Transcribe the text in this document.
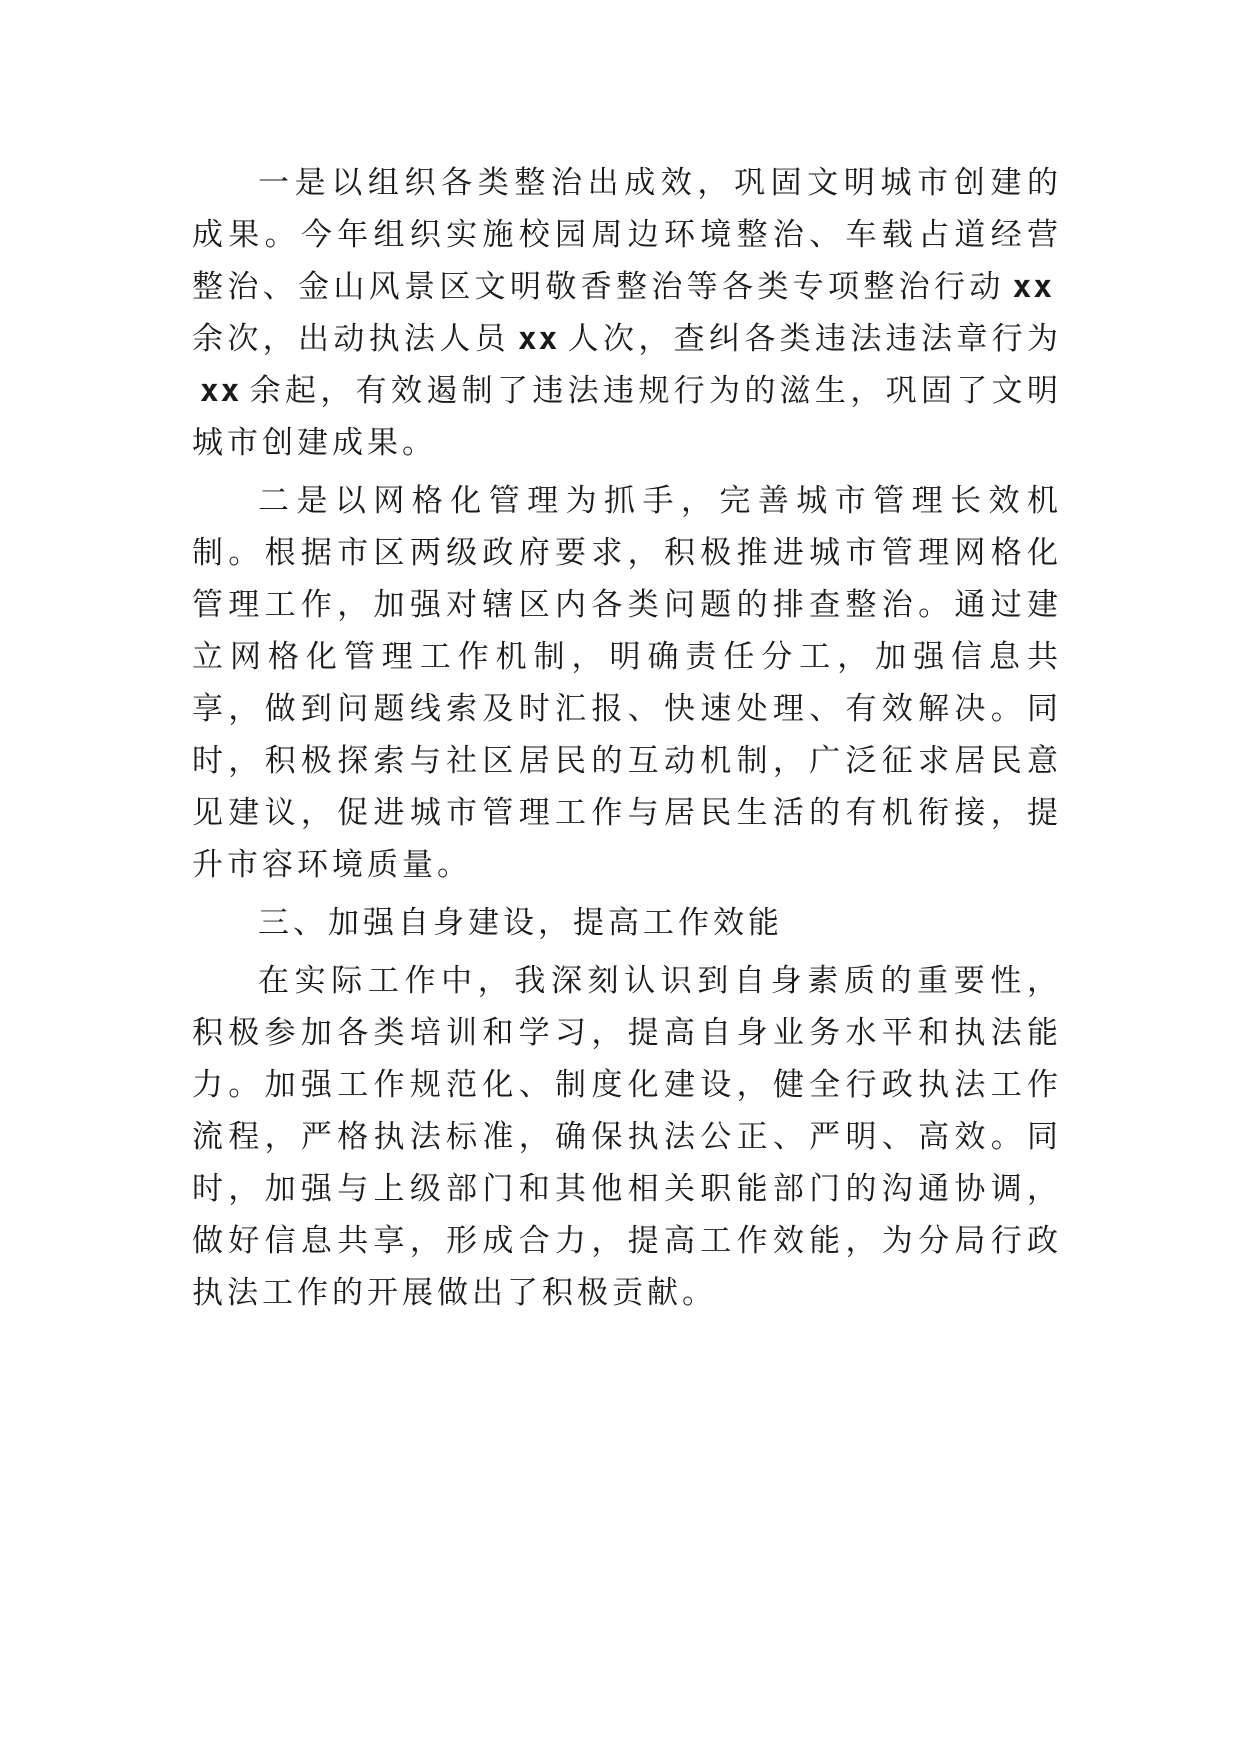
一是以组织各类整治出成效，巩固文明城市创建的成果。今年组织实施校园周边环境整治、车载占道经营整治、金山风景区文明敬香整治等各类专项整治行动 xx余次，出动执法人员 xx 人次，查纠各类违法违法章行为xx 余起，有效遏制了违法违规行为的滋生，巩固了文明城市创建成果。

二是以网格化管理为抓手，完善城市管理长效机制。根据市区两级政府要求，积极推进城市管理网格化管理工作，加强对辖区内各类问题的排查整治。通过建立网格化管理工作机制，明确责任分工，加强信息共享，做到问题线索及时汇报、快速处理、有效解决。同时，积极探索与社区居民的互动机制，广泛征求居民意见建议，促进城市管理工作与居民生活的有机衔接，提升市容环境质量。

三、加强自身建设，提高工作效能

在实际工作中，我深刻认识到自身素质的重要性，积极参加各类培训和学习，提高自身业务水平和执法能力。加强工作规范化、制度化建设，健全行政执法工作流程，严格执法标准，确保执法公正、严明、高效。同时，加强与上级部门和其他相关职能部门的沟通协调，做好信息共享，形成合力，提高工作效能，为分局行政执法工作的开展做出了积极贡献。
